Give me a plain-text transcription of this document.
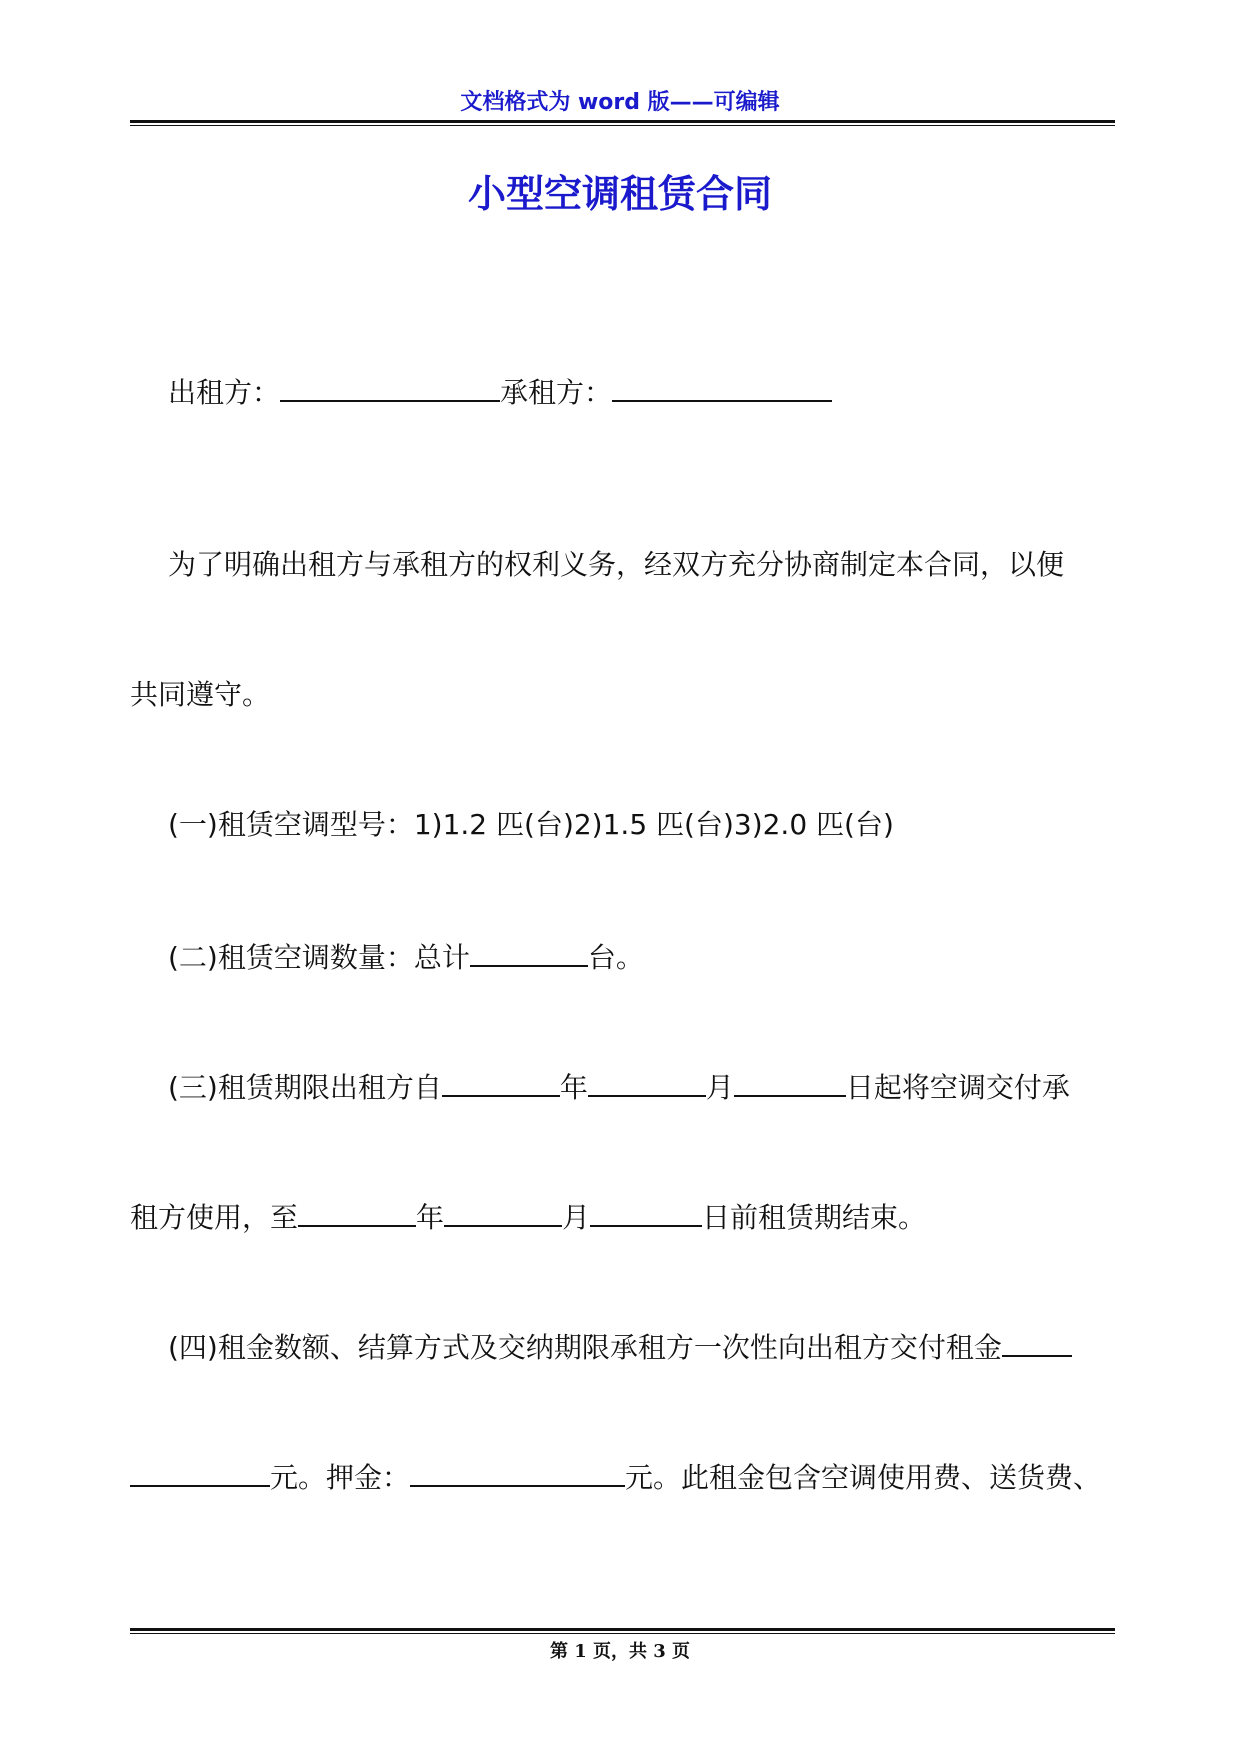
文档格式为 word 版——可编辑
小型空调租赁合同
出租方：	承租方：
为了明确出租方与承租方的权利义务，经双方充分协商制定本合同，以便
共同遵守。
(一)租赁空调型号：1)1.2 匹(台)2)1.5 匹(台)3)2.0 匹(台)
(二)租赁空调数量：总计	台。
(三)租赁期限出租方自	年	月	日起将空调交付承
租方使用，至	年	月	日前租赁期结束。
(四)租金数额、结算方式及交纳期限承租方一次性向出租方交付租金
元。押金：	元。此租金包含空调使用费、送货费、
第 1 页，共 3 页
